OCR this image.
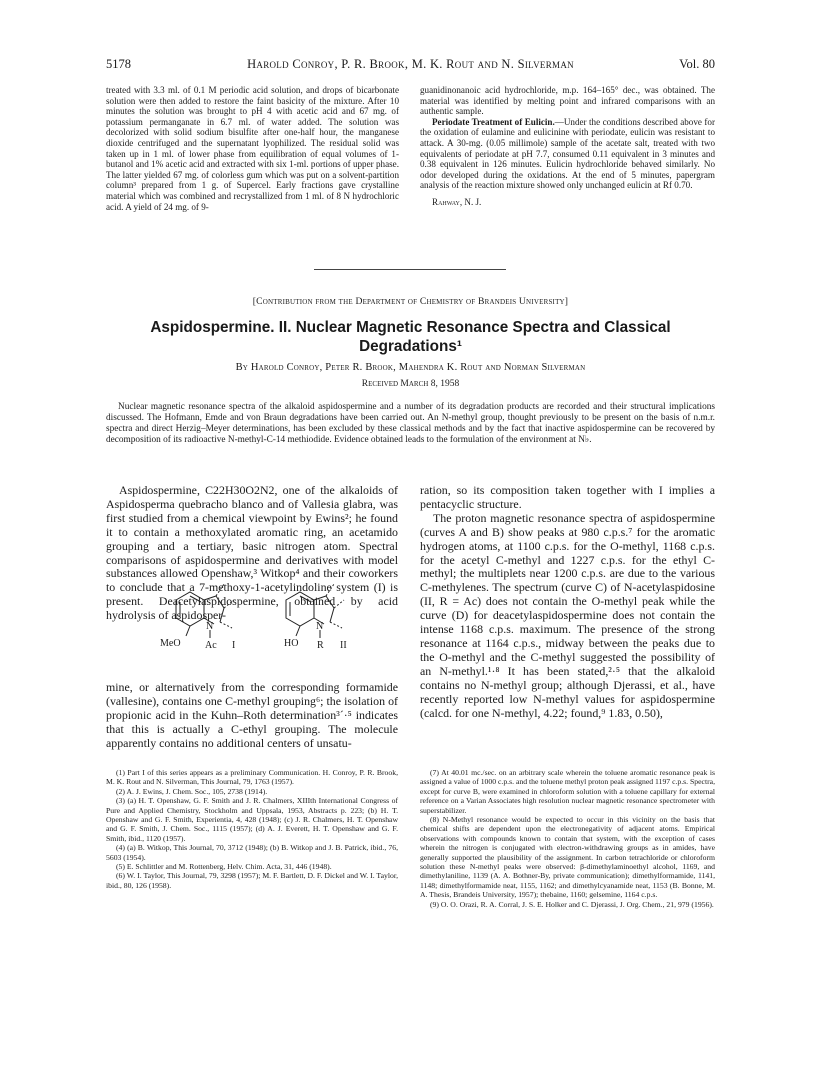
5178	Harold Conroy, P. R. Brook, M. K. Rout and N. Silverman	Vol. 80

treated with 3.3 ml. of 0.1 M periodic acid solution, and drops of bicarbonate solution were then added to restore the faint basicity of the mixture. After 10 minutes the solution was brought to pH 4 with acetic acid and 67 mg. of potassium permanganate in 6.7 ml. of water added. The solution was decolorized with solid sodium bisulfite after one-half hour, the manganese dioxide centrifuged and the supernatant lyophilized. The residual solid was taken up in 1 ml. of lower phase from equilibration of equal volumes of 1-butanol and 1% acetic acid and extracted with six 1-ml. portions of upper phase. The latter yielded 67 mg. of colorless gum which was put on a solvent-partition column³ prepared from 1 g. of Supercel. Early fractions gave crystalline material which was combined and recrystallized from 1 ml. of 8 N hydrochloric acid. A yield of 24 mg. of 9-

guanidinonanoic acid hydrochloride, m.p. 164–165° dec., was obtained. The material was identified by melting point and infrared comparisons with an authentic sample.

Periodate Treatment of Eulicin.—Under the conditions described above for the oxidation of eulamine and eulicinine with periodate, eulicin was resistant to attack. A 30-mg. (0.05 millimole) sample of the acetate salt, treated with two equivalents of periodate at pH 7.7, consumed 0.11 equivalent in 3 minutes and 0.38 equivalent in 126 minutes. Eulicin hydrochloride behaved similarly. No odor developed during the oxidations. At the end of 5 minutes, papergram analysis of the reaction mixture showed only unchanged eulicin at Rf 0.70.

Rahway, N. J.

[Contribution from the Department of Chemistry of Brandeis University]
Aspidospermine. II. Nuclear Magnetic Resonance Spectra and Classical
Degradations¹
By Harold Conroy, Peter R. Brook, Mahendra K. Rout and Norman Silverman
Received March 8, 1958
Nuclear magnetic resonance spectra of the alkaloid aspidospermine and a number of its degradation products are recorded and their structural implications discussed. The Hofmann, Emde and von Braun degradations have been carried out. An N-methyl group, thought previously to be present on the basis of n.m.r. spectra and direct Herzig–Meyer determinations, has been excluded by these classical methods and by the fact that inactive aspidospermine can be recovered by decomposition of its radioactive N-methyl-C-14 methiodide. Evidence obtained leads to the formulation of the environment at N♭.

Aspidospermine, C22H30O2N2, one of the alkaloids of Aspidosperma quebracho blanco and of Vallesia glabra, was first studied from a chemical viewpoint by Ewins²; he found it to contain a methoxylated aromatic ring, an acetamido grouping and a tertiary, basic nitrogen atom. Spectral comparisons of aspidospermine and derivatives with model substances allowed Openshaw,³ Witkop⁴ and their coworkers to conclude that a 7-methoxy-1-acetylindoline system (I) is present. Deacetylaspidospermine, obtained by acid hydrolysis of aspidosper-

MeO
N
Ac I	HO
N
R II

mine, or alternatively from the corresponding formamide (vallesine), contains one C-methyl grouping⁶; the isolation of propionic acid in the Kuhn–Roth determination³´·⁵ indicates that this is actually a C-ethyl grouping. The molecule apparently contains no additional centers of unsatu-

ration, so its composition taken together with I implies a pentacyclic structure.

The proton magnetic resonance spectra of aspidospermine (curves A and B) show peaks at 980 c.p.s.⁷ for the aromatic hydrogen atoms, at 1100 c.p.s. for the O-methyl, 1168 c.p.s. for the acetyl C-methyl and 1227 c.p.s. for the ethyl C-methyl; the multiplets near 1200 c.p.s. are due to the various C-methylenes. The spectrum (curve C) of N-acetylaspidosine (II, R = Ac) does not contain the O-methyl peak while the curve (D) for deacetylaspidospermine does not contain the intense 1168 c.p.s. maximum. The presence of the strong resonance at 1164 c.p.s., midway between the peaks due to the O-methyl and the C-methyl suggested the possibility of an N-methyl.¹·⁸ It has been stated,²·⁵ that the alkaloid contains no N-methyl group; although Djerassi, et al., have recently reported low N-methyl values for aspidospermine (calcd. for one N-methyl, 4.22; found,⁹ 1.83, 0.50),

(1) Part I of this series appears as a preliminary Communication. H. Conroy, P. R. Brook, M. K. Rout and N. Silverman, This Journal, 79, 1763 (1957).

(2) A. J. Ewins, J. Chem. Soc., 105, 2738 (1914).

(3) (a) H. T. Openshaw, G. F. Smith and J. R. Chalmers, XIIIth International Congress of Pure and Applied Chemistry, Stockholm and Uppsala, 1953, Abstracts p. 223; (b) H. T. Openshaw and G. F. Smith, Experientia, 4, 428 (1948); (c) J. R. Chalmers, H. T. Openshaw and G. F. Smith, J. Chem. Soc., 1115 (1957); (d) A. J. Everett, H. T. Openshaw and G. F. Smith, ibid., 1120 (1957).

(4) (a) B. Witkop, This Journal, 70, 3712 (1948); (b) B. Witkop and J. B. Patrick, ibid., 76, 5603 (1954).

(5) E. Schlittler and M. Rottenberg, Helv. Chim. Acta, 31, 446 (1948).

(6) W. I. Taylor, This Journal, 79, 3298 (1957); M. F. Bartlett, D. F. Dickel and W. I. Taylor, ibid., 80, 126 (1958).

(7) At 40.01 mc./sec. on an arbitrary scale wherein the toluene aromatic resonance peak is assigned a value of 1000 c.p.s. and the toluene methyl proton peak assigned 1197 c.p.s. Spectra, except for curve B, were examined in chloroform solution with a toluene capillary for external reference on a Varian Associates high resolution nuclear magnetic resonance spectrometer with superstabilizer.

(8) N-Methyl resonance would be expected to occur in this vicinity on the basis that chemical shifts are dependent upon the electronegativity of adjacent atoms. Empirical observations with compounds known to contain that system, with the exception of cases wherein the nitrogen is conjugated with electron-withdrawing groups as in amides, have generally supported the plausibility of the assignment. In carbon tetrachloride or chloroform solution these N-methyl peaks were observed: β-dimethylaminoethyl alcohol, 1169, and dimethylaniline, 1139 (A. A. Bothner-By, private communication); dimethylformamide, 1141, 1148; dimethylformamide neat, 1155, 1162; and dimethylcyanamide neat, 1153 (B. Bonne, M. A. Thesis, Brandeis University, 1957); thebaine, 1160; gelsemine, 1164 c.p.s.

(9) O. O. Orazi, R. A. Corral, J. S. E. Holker and C. Djerassi, J. Org. Chem., 21, 979 (1956).
